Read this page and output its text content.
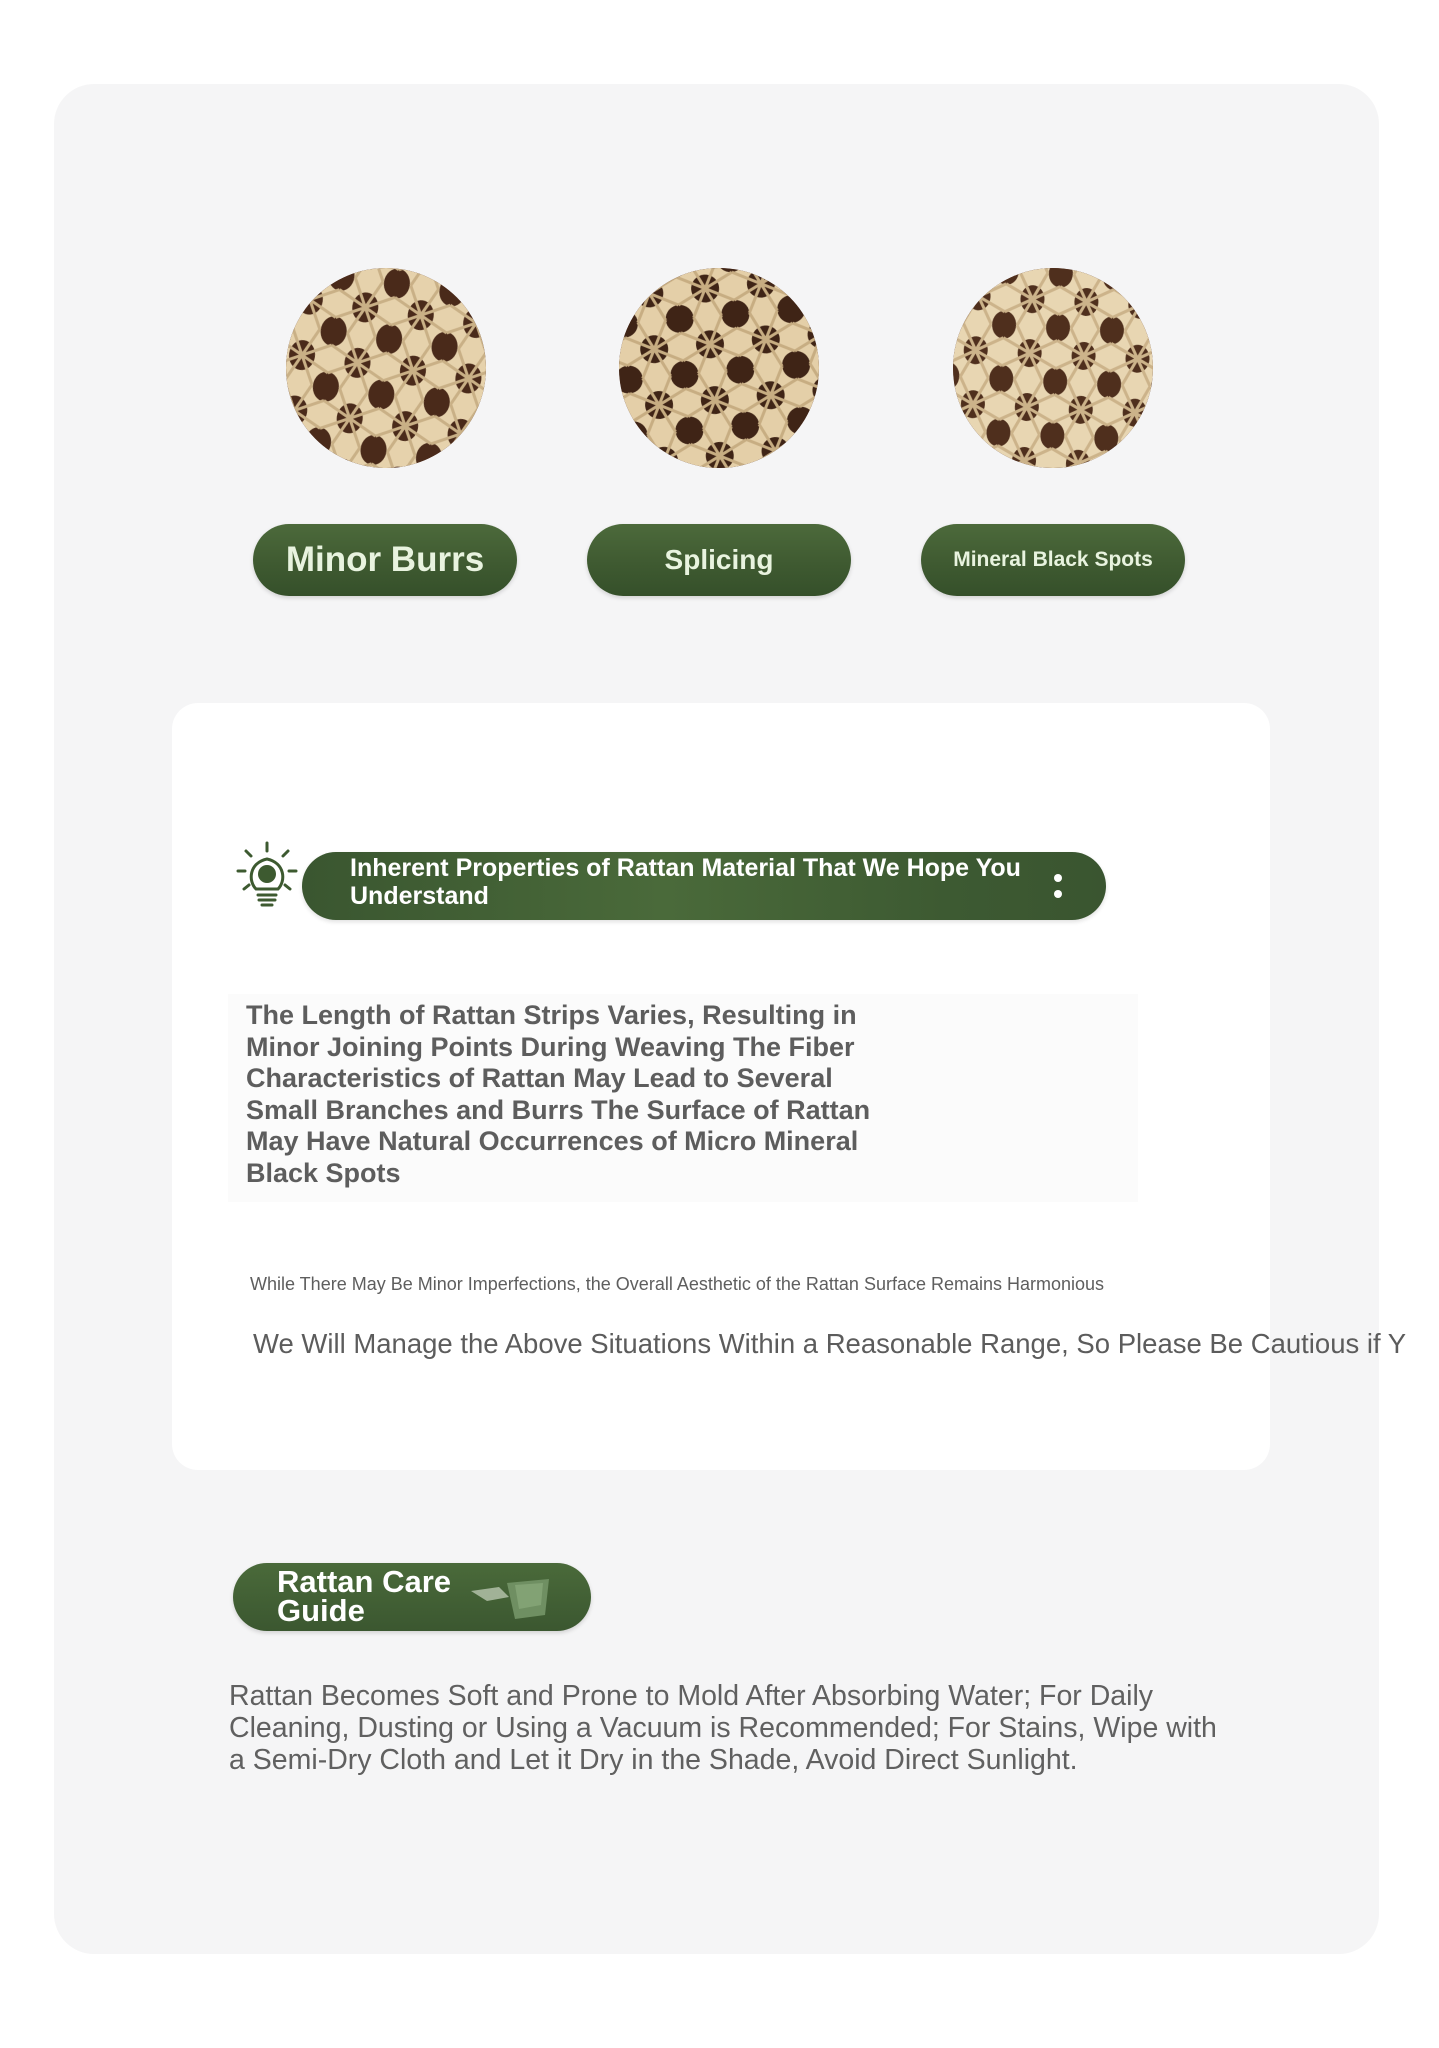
Minor Burrs	Splicing	Mineral Black Spots
Inherent Properties of Rattan Material That We Hope You Understand
The Length of Rattan Strips Varies, Resulting in Minor Joining Points During Weaving The Fiber Characteristics of Rattan May Lead to Several Small Branches and Burrs The Surface of Rattan May Have Natural Occurrences of Micro Mineral Black Spots
While There May Be Minor Imperfections, the Overall Aesthetic of the Rattan Surface Remains Harmonious
We Will Manage the Above Situations Within a Reasonable Range, So Please Be Cautious if Y
Rattan Care Guide
Rattan Becomes Soft and Prone to Mold After Absorbing Water; For Daily Cleaning, Dusting or Using a Vacuum is Recommended; For Stains, Wipe with a Semi-Dry Cloth and Let it Dry in the Shade, Avoid Direct Sunlight.
